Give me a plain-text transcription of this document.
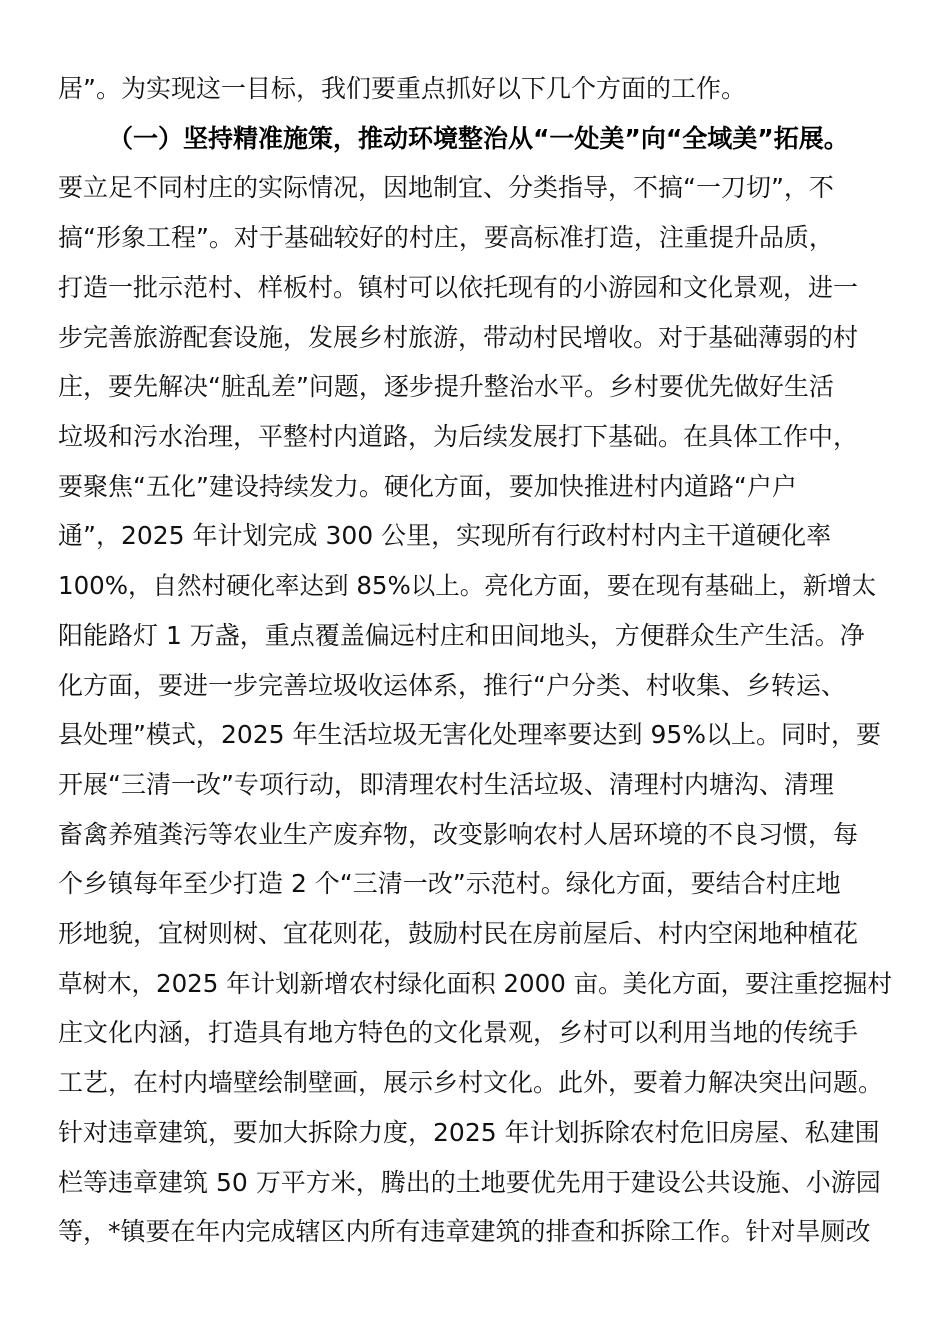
居”。为实现这一目标，我们要重点抓好以下几个方面的工作。
（一）坚持精准施策，推动环境整治从“一处美”向“全域美”拓展。
要立足不同村庄的实际情况，因地制宜、分类指导，不搞“一刀切”，不
搞“形象工程”。对于基础较好的村庄，要高标准打造，注重提升品质，
打造一批示范村、样板村。镇村可以依托现有的小游园和文化景观，进一
步完善旅游配套设施，发展乡村旅游，带动村民增收。对于基础薄弱的村
庄，要先解决“脏乱差”问题，逐步提升整治水平。乡村要优先做好生活
垃圾和污水治理，平整村内道路，为后续发展打下基础。在具体工作中，
要聚焦“五化”建设持续发力。硬化方面，要加快推进村内道路“户户
通”，2025 年计划完成 300 公里，实现所有行政村村内主干道硬化率
100%，自然村硬化率达到 85%以上。亮化方面，要在现有基础上，新增太
阳能路灯 1 万盏，重点覆盖偏远村庄和田间地头，方便群众生产生活。净
化方面，要进一步完善垃圾收运体系，推行“户分类、村收集、乡转运、
县处理”模式，2025 年生活垃圾无害化处理率要达到 95%以上。同时，要
开展“三清一改”专项行动，即清理农村生活垃圾、清理村内塘沟、清理
畜禽养殖粪污等农业生产废弃物，改变影响农村人居环境的不良习惯，每
个乡镇每年至少打造 2 个“三清一改”示范村。绿化方面，要结合村庄地
形地貌，宜树则树、宜花则花，鼓励村民在房前屋后、村内空闲地种植花
草树木，2025 年计划新增农村绿化面积 2000 亩。美化方面，要注重挖掘村
庄文化内涵，打造具有地方特色的文化景观，乡村可以利用当地的传统手
工艺，在村内墙壁绘制壁画，展示乡村文化。此外，要着力解决突出问题。
针对违章建筑，要加大拆除力度，2025 年计划拆除农村危旧房屋、私建围
栏等违章建筑 50 万平方米，腾出的土地要优先用于建设公共设施、小游园
等，*镇要在年内完成辖区内所有违章建筑的排查和拆除工作。针对旱厕改
